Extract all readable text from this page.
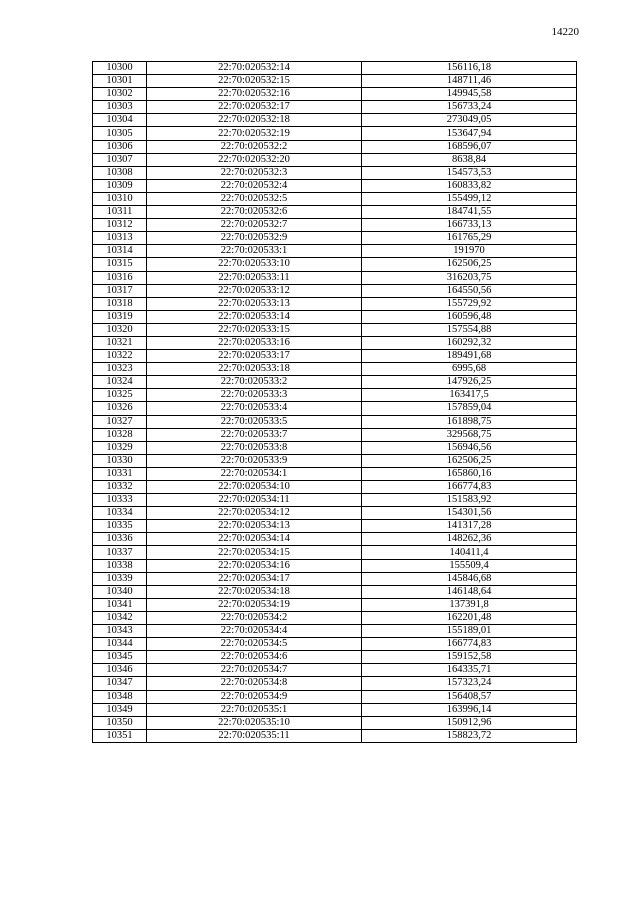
14220
10300	22:70:020532:14	156116,18
10301	22:70:020532:15	148711,46
10302	22:70:020532:16	149945,58
10303	22:70:020532:17	156733,24
10304	22:70:020532:18	273049,05
10305	22:70:020532:19	153647,94
10306	22:70:020532:2	168596,07
10307	22:70:020532:20	8638,84
10308	22:70:020532:3	154573,53
10309	22:70:020532:4	160833,82
10310	22:70:020532:5	155499,12
10311	22:70:020532:6	184741,55
10312	22:70:020532:7	166733,13
10313	22:70:020532:9	161765,29
10314	22:70:020533:1	191970
10315	22:70:020533:10	162506,25
10316	22:70:020533:11	316203,75
10317	22:70:020533:12	164550,56
10318	22:70:020533:13	155729,92
10319	22:70:020533:14	160596,48
10320	22:70:020533:15	157554,88
10321	22:70:020533:16	160292,32
10322	22:70:020533:17	189491,68
10323	22:70:020533:18	6995,68
10324	22:70:020533:2	147926,25
10325	22:70:020533:3	163417,5
10326	22:70:020533:4	157859,04
10327	22:70:020533:5	161898,75
10328	22:70:020533:7	329568,75
10329	22:70:020533:8	156946,56
10330	22:70:020533:9	162506,25
10331	22:70:020534:1	165860,16
10332	22:70:020534:10	166774,83
10333	22:70:020534:11	151583,92
10334	22:70:020534:12	154301,56
10335	22:70:020534:13	141317,28
10336	22:70:020534:14	148262,36
10337	22:70:020534:15	140411,4
10338	22:70:020534:16	155509,4
10339	22:70:020534:17	145846,68
10340	22:70:020534:18	146148,64
10341	22:70:020534:19	137391,8
10342	22:70:020534:2	162201,48
10343	22:70:020534:4	155189,01
10344	22:70:020534:5	166774,83
10345	22:70:020534:6	159152,58
10346	22:70:020534:7	164335,71
10347	22:70:020534:8	157323,24
10348	22:70:020534:9	156408,57
10349	22:70:020535:1	163996,14
10350	22:70:020535:10	150912,96
10351	22:70:020535:11	158823,72
